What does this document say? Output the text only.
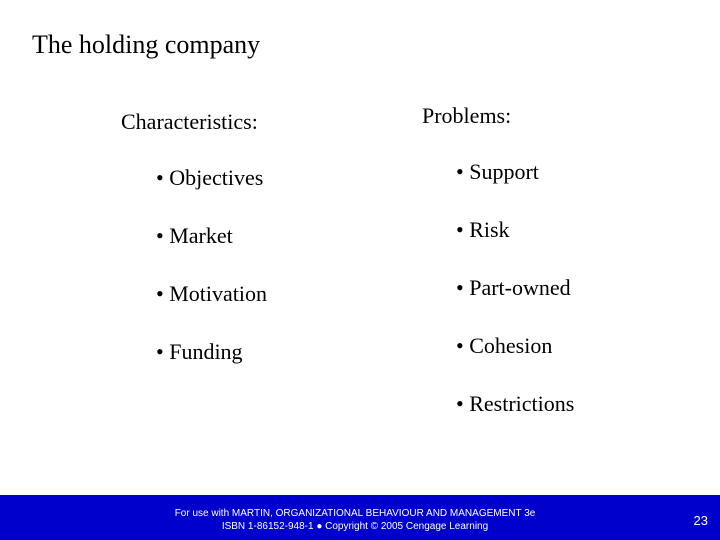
The holding company
Characteristics:
• Objectives
• Market
• Motivation
• Funding
Problems:
• Support
• Risk
• Part-owned
• Cohesion
• Restrictions
For use with MARTIN, ORGANIZATIONAL BEHAVIOUR AND MANAGEMENT 3e
ISBN 1-86152-948-1 ● Copyright © 2005 Cengage Learning	23
